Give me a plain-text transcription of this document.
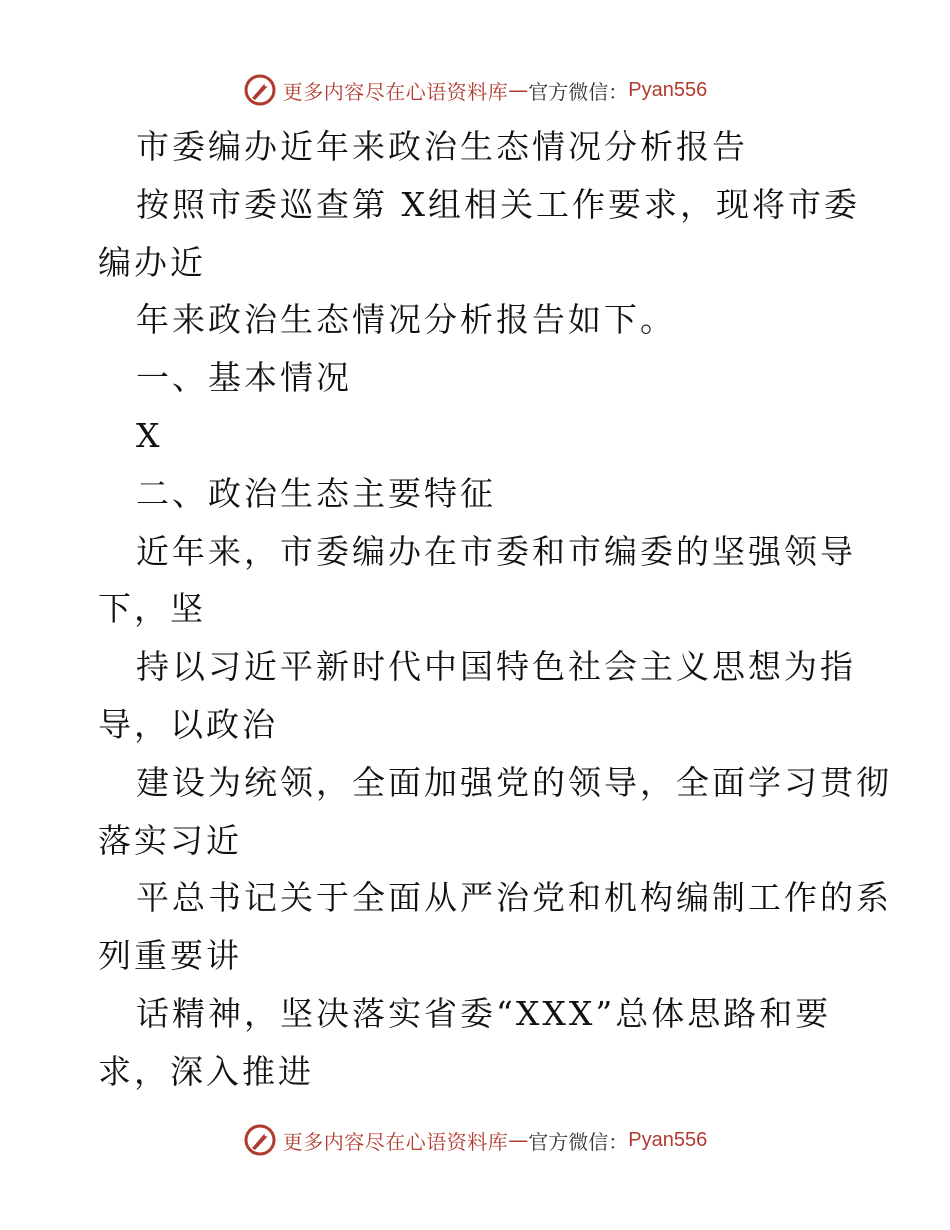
更多内容尽在心语资料库 — 官方微信： Pyan556
市委编办近年来政治生态情况分析报告
按照市委巡查第 X组相关工作要求，现将市委
编办近
年来政治生态情况分析报告如下。
一、基本情况
X
二、政治生态主要特征
近年来，市委编办在市委和市编委的坚强领导
下，坚
持以习近平新时代中国特色社会主义思想为指
导，以政治
建设为统领，全面加强党的领导，全面学习贯彻
落实习近
平总书记关于全面从严治党和机构编制工作的系
列重要讲
话精神，坚决落实省委“XXX”总体思路和要
求，深入推进
更多内容尽在心语资料库 — 官方微信： Pyan556
